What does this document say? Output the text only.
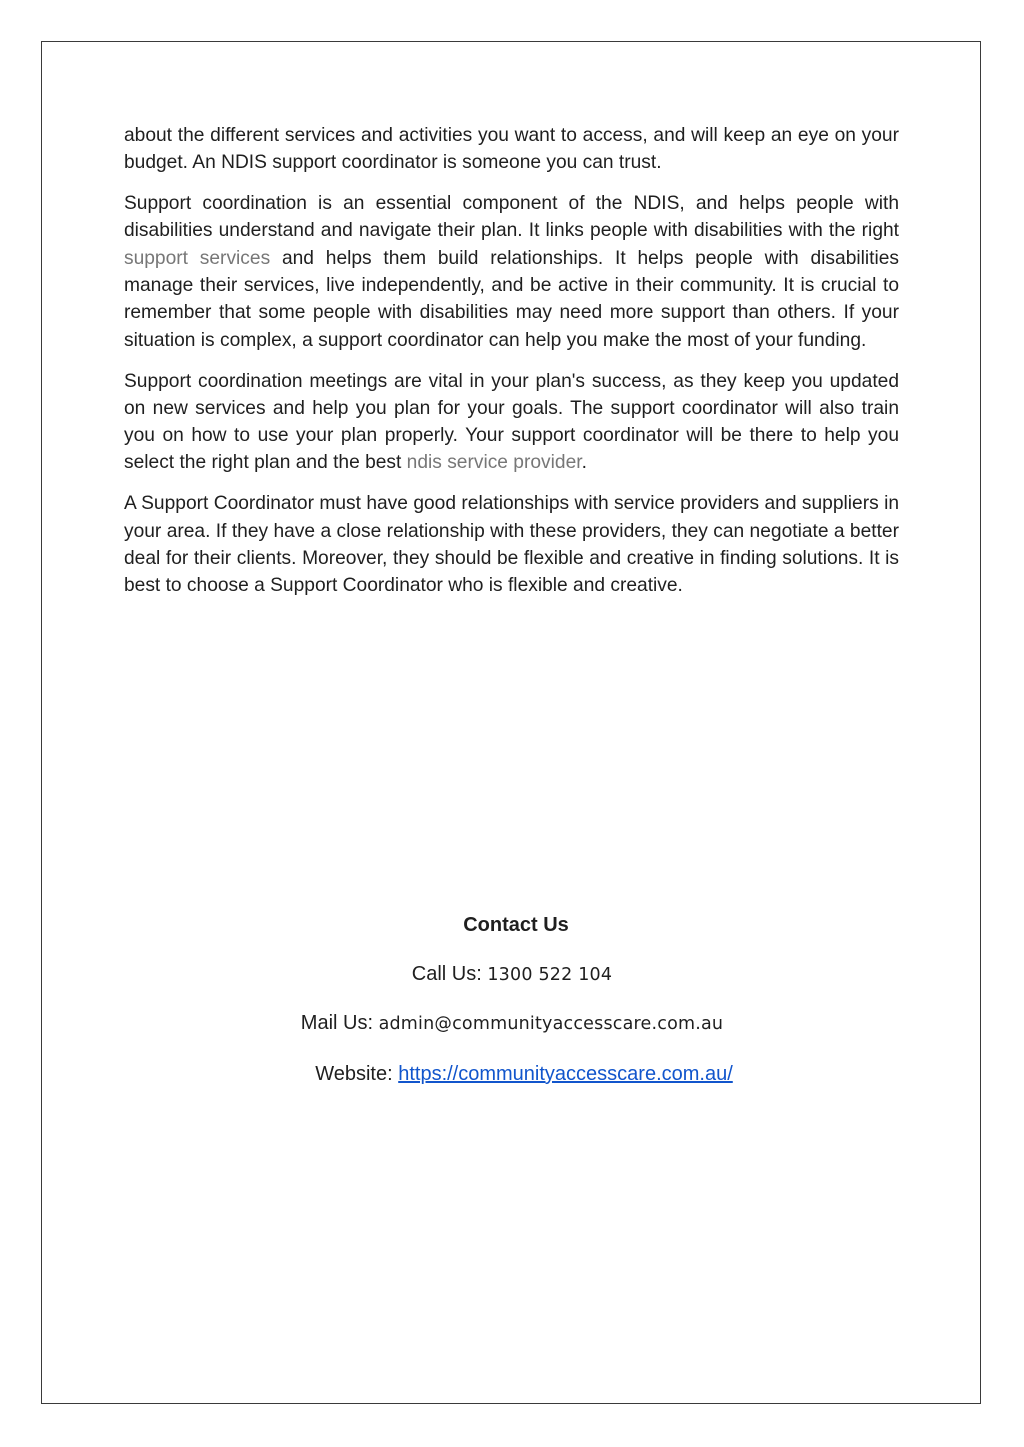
about the different services and activities you want to access, and will keep an eye on your budget. An NDIS support coordinator is someone you can trust.

Support coordination is an essential component of the NDIS, and helps people with disabilities understand and navigate their plan. It links people with disabilities with the right support services and helps them build relationships. It helps people with disabilities manage their services, live independently, and be active in their community. It is crucial to remember that some people with disabilities may need more support than others. If your situation is complex, a support coordinator can help you make the most of your funding.

Support coordination meetings are vital in your plan's success, as they keep you updated on new services and help you plan for your goals. The support coordinator will also train you on how to use your plan properly. Your support coordinator will be there to help you select the right plan and the best ndis service provider.

A Support Coordinator must have good relationships with service providers and suppliers in your area. If they have a close relationship with these providers, they can negotiate a better deal for their clients. Moreover, they should be flexible and creative in finding solutions. It is best to choose a Support Coordinator who is flexible and creative.

Contact Us
Call Us: 1300 522 104
Mail Us: admin@communityaccesscare.com.au
Website: https://communityaccesscare.com.au/
